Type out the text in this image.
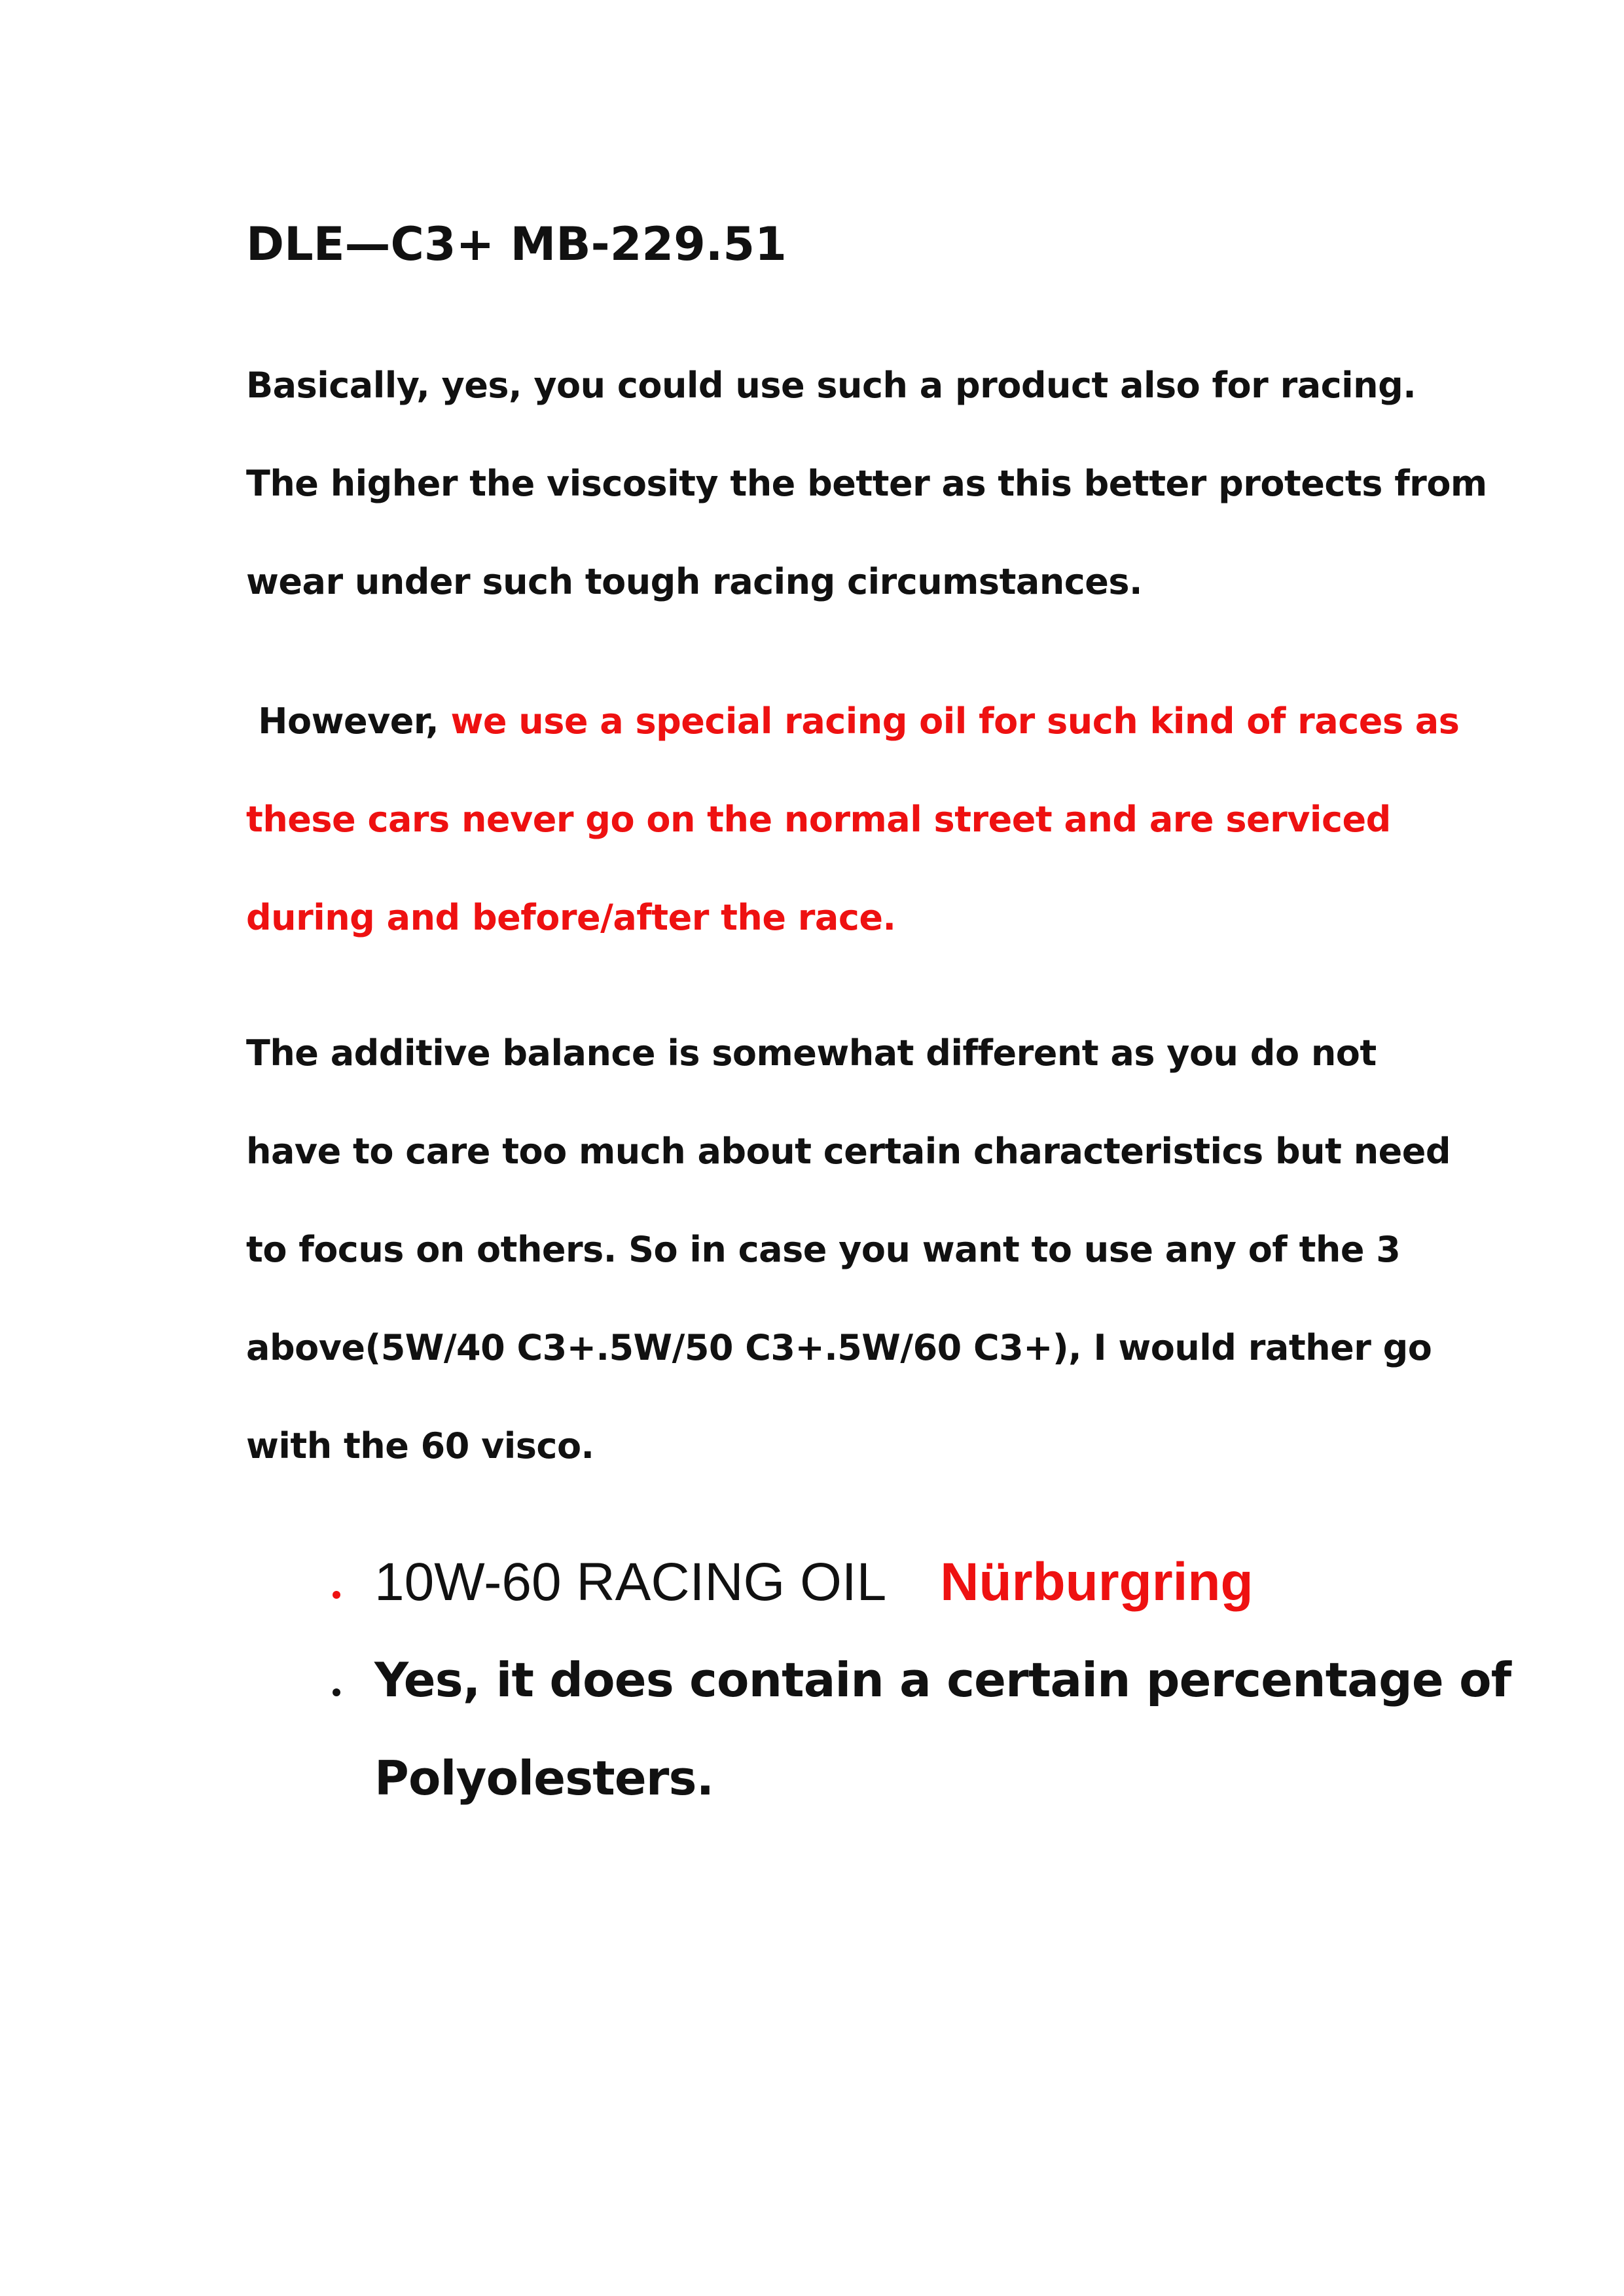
DLE—C3+ MB-229.51
Basically, yes, you could use such a product also for racing.
The higher the viscosity the better as this better protects from
wear under such tough racing circumstances.
However, we use a special racing oil for such kind of races as
these cars never go on the normal street and are serviced
during and before/after the race.
The additive balance is somewhat different as you do not
have to care too much about certain characteristics but need
to focus on others. So in case you want to use any of the 3
above(5W/40 C3+.5W/50 C3+.5W/60 C3+), I would rather go
with the 60 visco.
10W-60 RACING OIL Nürburgring
Yes, it does contain a certain percentage of
Polyolesters.
